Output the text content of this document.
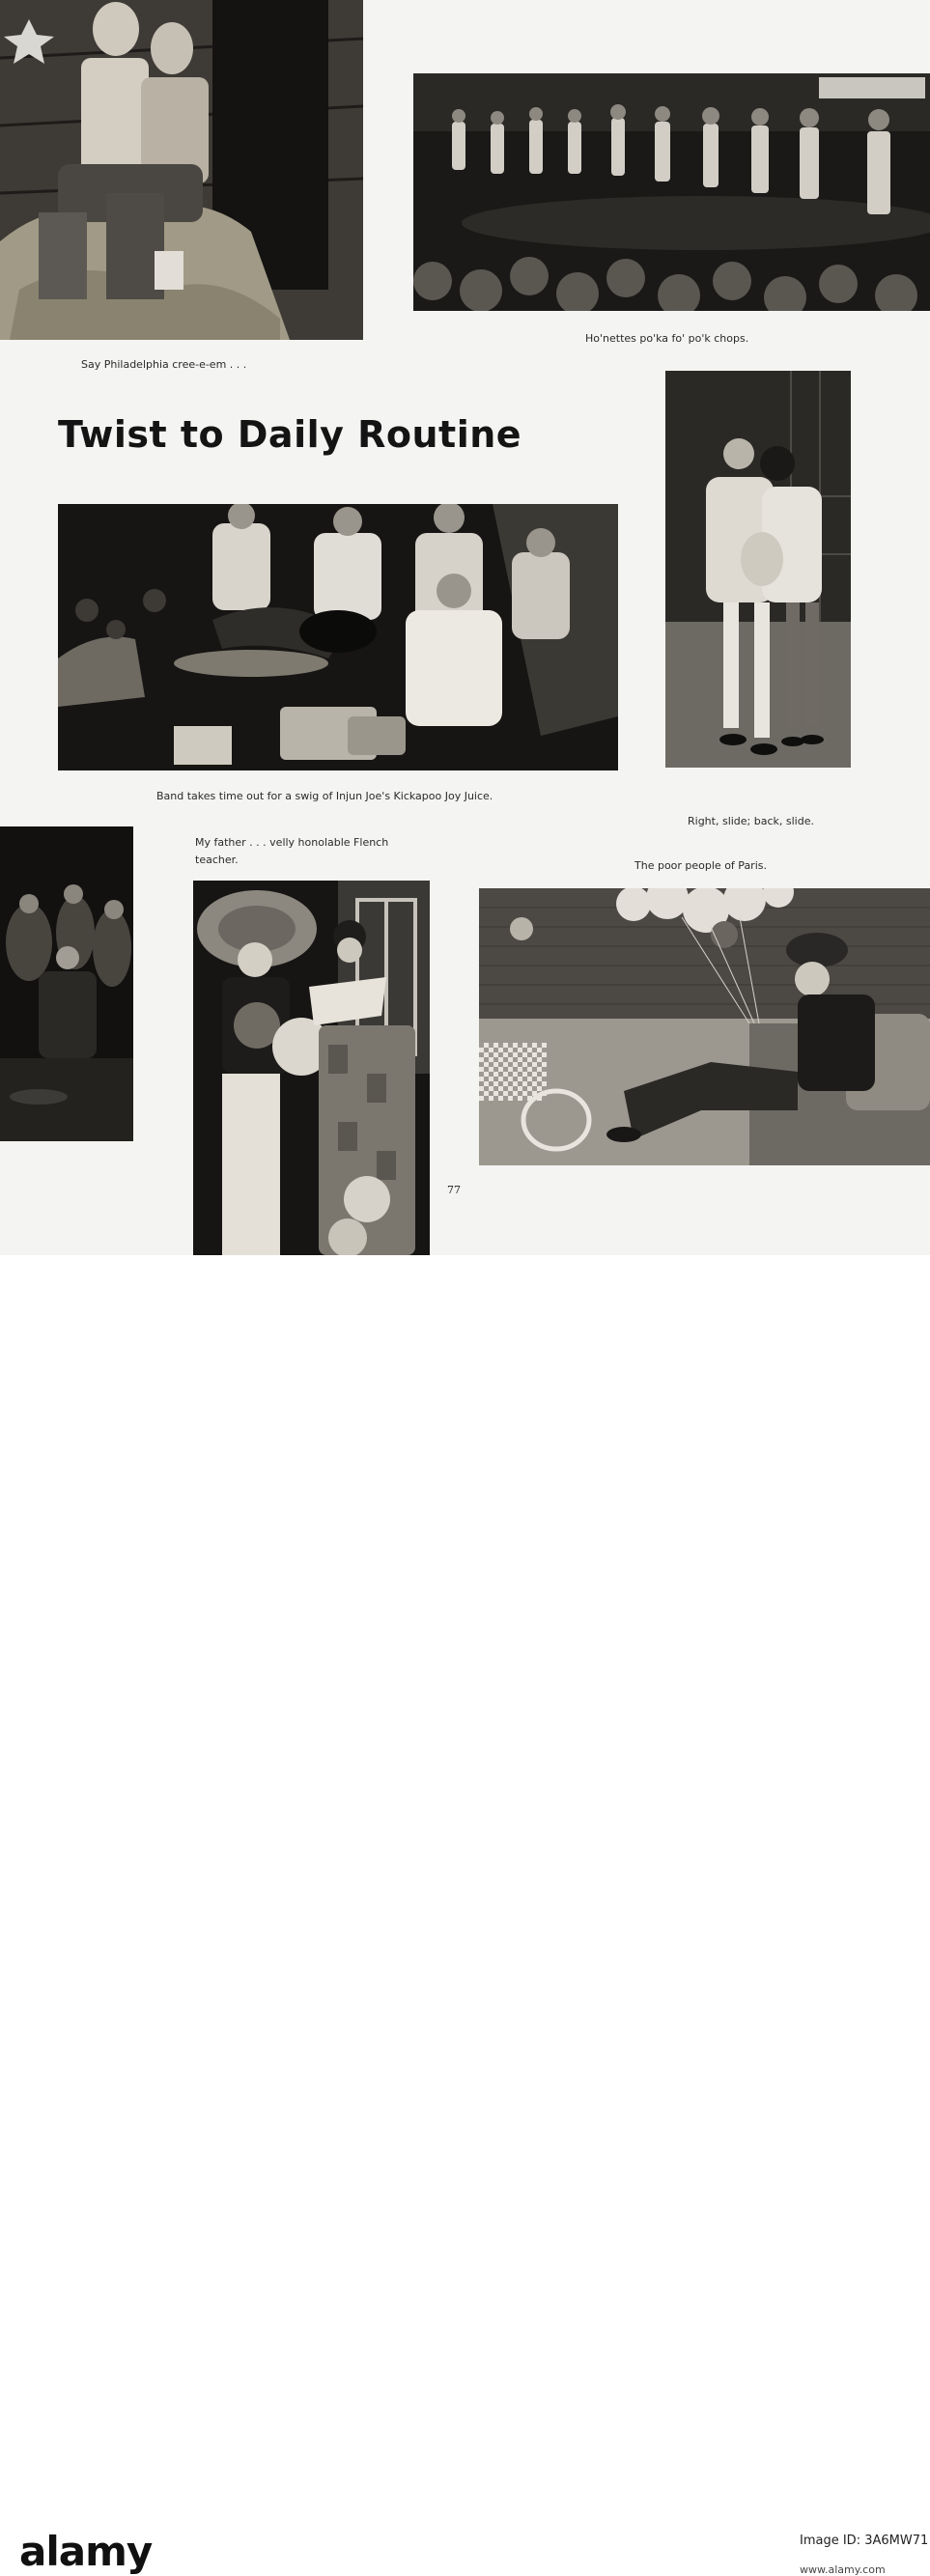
Say Philadelphia cree-e-em . . .
Ho'nettes po'ka fo' po'k chops.
Twist to Daily Routine
Band takes time out for a swig of Injun Joe's Kickapoo Joy Juice.
Right, slide; back, slide.
My father . . . velly honolable Flench
teacher.	The poor people of Paris.
77
alamy	Image ID: 3A6MW71
www.alamy.com
